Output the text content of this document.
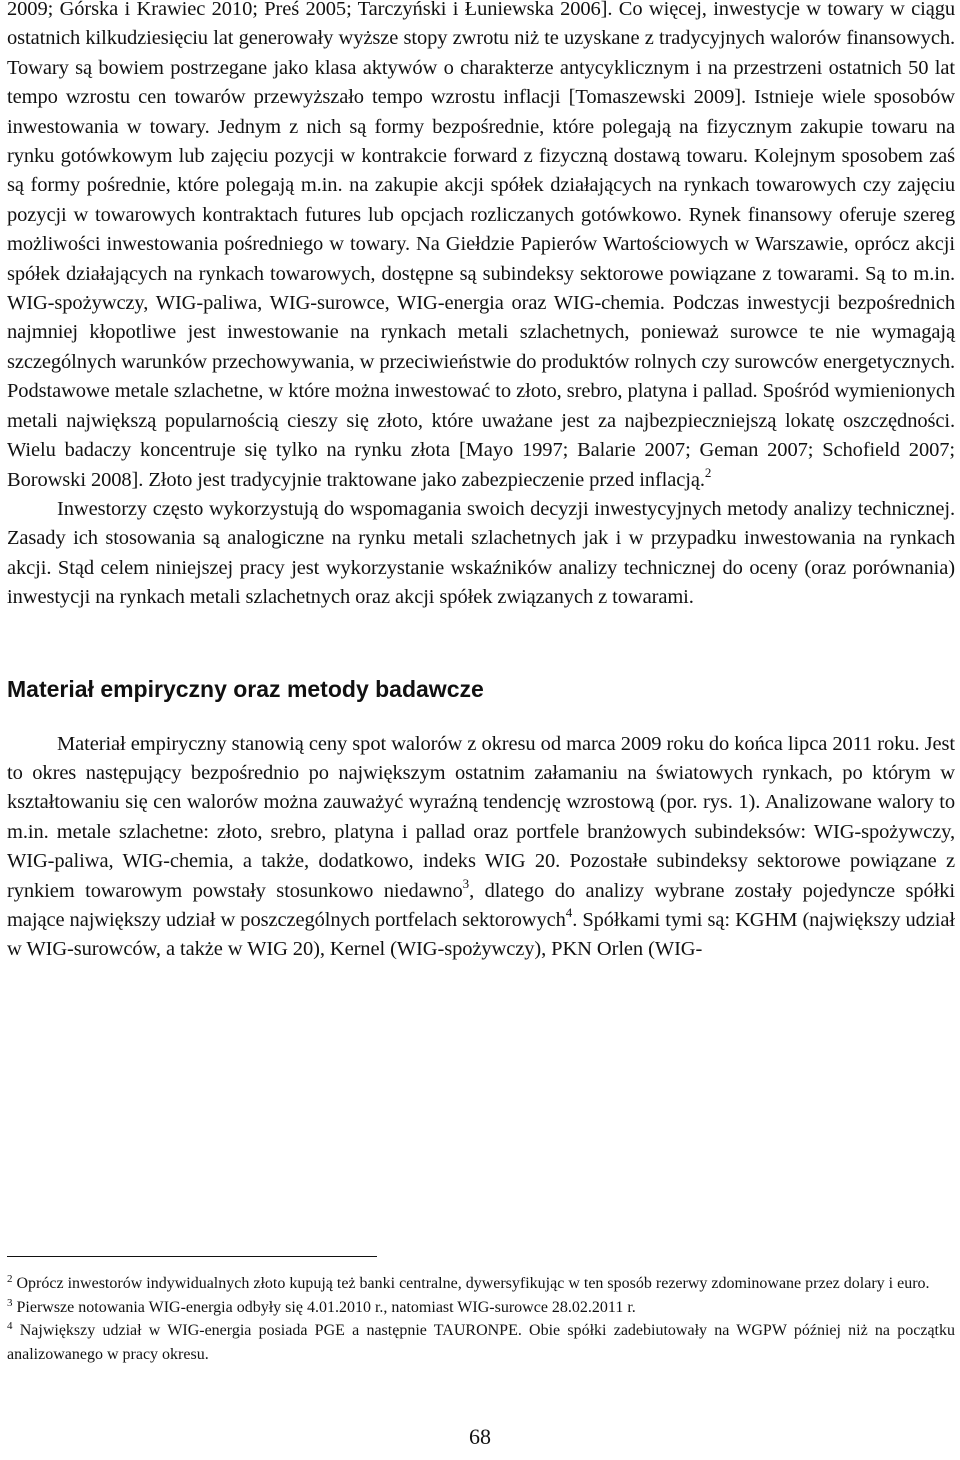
2009; Górska i Krawiec 2010; Preś 2005; Tarczyński i Łuniewska 2006]. Co więcej, inwestycje w towary w ciągu ostatnich kilkudziesięciu lat generowały wyższe stopy zwrotu niż te uzyskane z tradycyjnych walorów finansowych. Towary są bowiem postrzegane jako klasa aktywów o charakterze antycyklicznym i na przestrzeni ostatnich 50 lat tempo wzrostu cen towarów przewyższało tempo wzrostu inflacji [Tomaszewski 2009]. Istnieje wiele sposobów inwestowania w towary. Jednym z nich są formy bezpośrednie, które polegają na fizycznym zakupie towaru na rynku gotówkowym lub zajęciu pozycji w kontrakcie forward z fizyczną dostawą towaru. Kolejnym sposobem zaś są formy pośrednie, które polegają m.in. na zakupie akcji spółek działających na rynkach towarowych czy zajęciu pozycji w towarowych kontraktach futures lub opcjach rozliczanych gotówkowo. Rynek finansowy oferuje szereg możliwości inwestowania pośredniego w towary. Na Giełdzie Papierów Wartościowych w Warszawie, oprócz akcji spółek działających na rynkach towarowych, dostępne są subindeksy sektorowe powiązane z towarami. Są to m.in. WIG-spożywczy, WIG-paliwa, WIG-surowce, WIG-energia oraz WIG-chemia. Podczas inwestycji bezpośrednich najmniej kłopotliwe jest inwestowanie na rynkach metali szlachetnych, ponieważ surowce te nie wymagają szczególnych warunków przechowywania, w przeciwieństwie do produktów rolnych czy surowców energetycznych. Podstawowe metale szlachetne, w które można inwestować to złoto, srebro, platyna i pallad. Spośród wymienionych metali największą popularnością cieszy się złoto, które uważane jest za najbezpieczniejszą lokatę oszczędności. Wielu badaczy koncentruje się tylko na rynku złota [Mayo 1997; Balarie 2007; Geman 2007; Schofield 2007; Borowski 2008]. Złoto jest tradycyjnie traktowane jako zabezpieczenie przed inflacją.$^2$

Inwestorzy często wykorzystują do wspomagania swoich decyzji inwestycyjnych metody analizy technicznej. Zasady ich stosowania są analogiczne na rynku metali szlachetnych jak i w przypadku inwestowania na rynkach akcji. Stąd celem niniejszej pracy jest wykorzystanie wskaźników analizy technicznej do oceny (oraz porównania) inwestycji na rynkach metali szlachetnych oraz akcji spółek związanych z towarami.

Materiał empiryczny oraz metody badawcze

Materiał empiryczny stanowią ceny spot walorów z okresu od marca 2009 roku do końca lipca 2011 roku. Jest to okres następujący bezpośrednio po największym ostatnim załamaniu na światowych rynkach, po którym w kształtowaniu się cen walorów można zauważyć wyraźną tendencję wzrostową (por. rys. 1). Analizowane walory to m.in. metale szlachetne: złoto, srebro, platyna i pallad oraz portfele branżowych subindeksów: WIG-spożywczy, WIG-paliwa, WIG-chemia, a także, dodatkowo, indeks WIG 20. Pozostałe subindeksy sektorowe powiązane z rynkiem towarowym powstały stosunkowo niedawno$^3$, dlatego do analizy wybrane zostały pojedyncze spółki mające największy udział w poszczególnych portfelach sektorowych$^4$. Spółkami tymi są: KGHM (największy udział w WIG-surowców, a także w WIG 20), Kernel (WIG-spożywczy), PKN Orlen (WIG-

$^2$ Oprócz inwestorów indywidualnych złoto kupują też banki centralne, dywersyfikując w ten sposób rezerwy zdominowane przez dolary i euro.

$^3$ Pierwsze notowania WIG-energia odbyły się 4.01.2010 r., natomiast WIG-surowce 28.02.2011 r.

$^4$ Największy udział w WIG-energia posiada PGE a następnie TAURONPE. Obie spółki zadebiutowały na WGPW później niż na początku analizowanego w pracy okresu.

68
